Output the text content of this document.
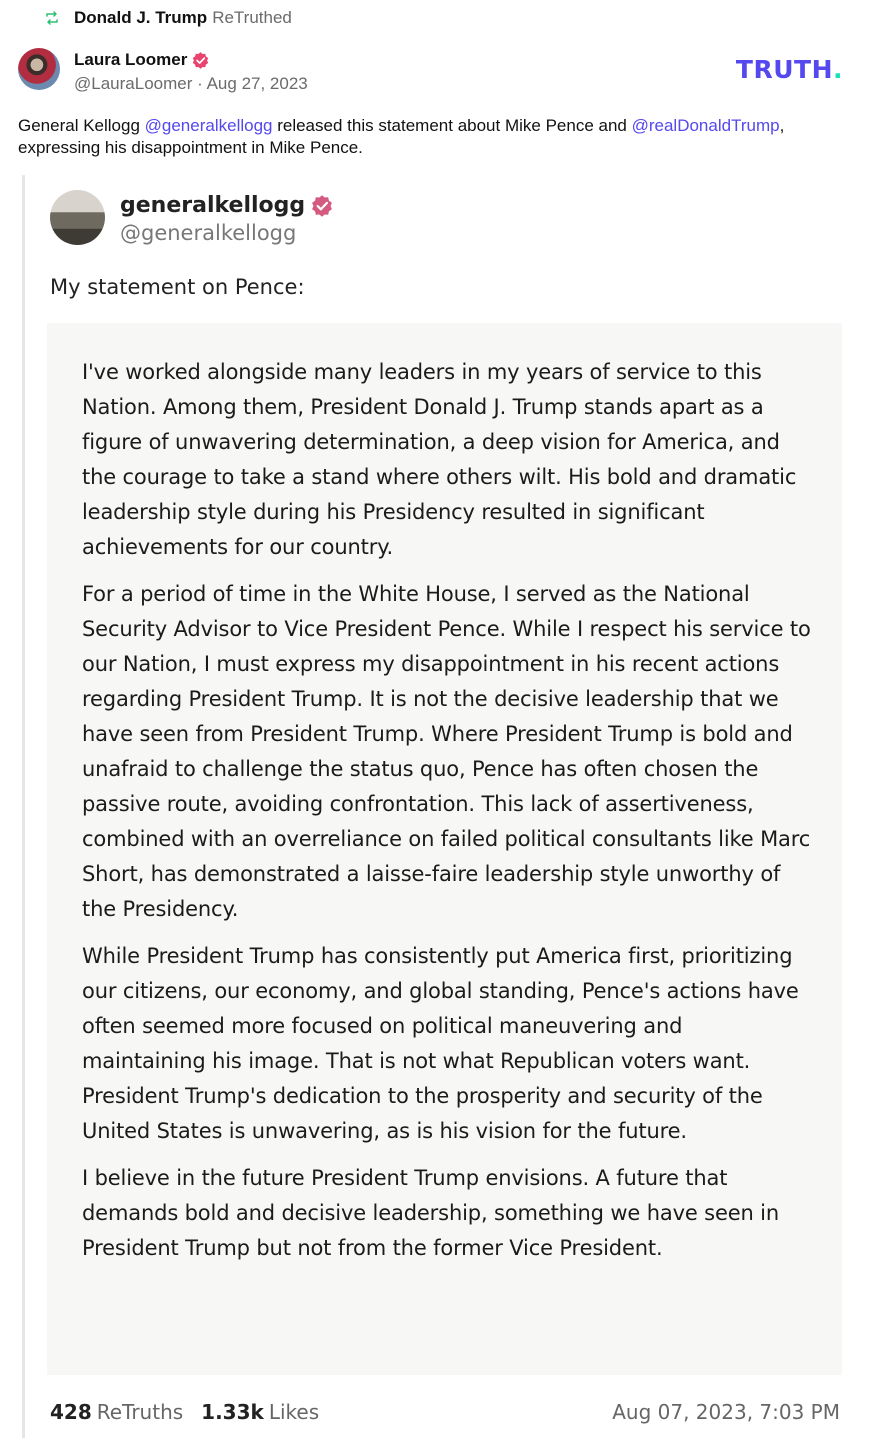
Donald J. Trump ReTruthed
Laura Loomer
@LauraLoomer · Aug 27, 2023	TRUTH.
General Kellogg @generalkellogg released this statement about Mike Pence and @realDonaldTrump, expressing his disappointment in Mike Pence.
generalkellogg
@generalkellogg
My statement on Pence:

I've worked alongside many leaders in my years of service to this Nation. Among them, President Donald J. Trump stands apart as a figure of unwavering determination, a deep vision for America, and the courage to take a stand where others wilt. His bold and dramatic leadership style during his Presidency resulted in significant achievements for our country.

For a period of time in the White House, I served as the National Security Advisor to Vice President Pence. While I respect his service to our Nation, I must express my disappointment in his recent actions regarding President Trump. It is not the decisive leadership that we have seen from President Trump. Where President Trump is bold and unafraid to challenge the status quo, Pence has often chosen the passive route, avoiding confrontation. This lack of assertiveness, combined with an overreliance on failed political consultants like Marc Short, has demonstrated a laisse-faire leadership style unworthy of the Presidency.

While President Trump has consistently put America first, prioritizing our citizens, our economy, and global standing, Pence's actions have often seemed more focused on political maneuvering and maintaining his image. That is not what Republican voters want. President Trump's dedication to the prosperity and security of the United States is unwavering, as is his vision for the future.

I believe in the future President Trump envisions. A future that demands bold and decisive leadership, something we have seen in President Trump but not from the former Vice President.

428 ReTruths 1.33k Likes	Aug 07, 2023, 7:03 PM
